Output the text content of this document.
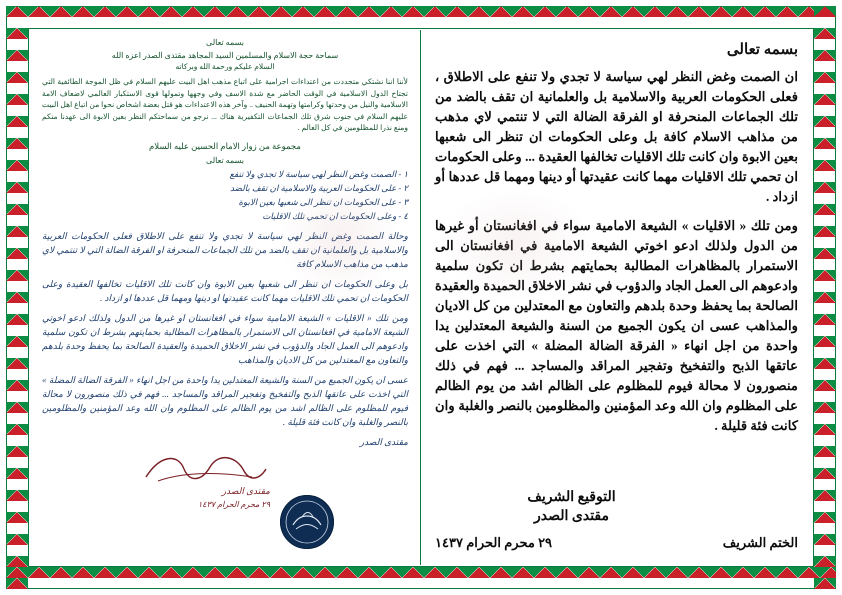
بسمه تعالى

ان الصمت وغض النظر لهي سياسة لا تجدي ولا تنفع على الاطلاق ، فعلى الحكومات العربية والاسلامية بل والعلمانية ان تقف بالضد من تلك الجماعات المنحرفة او الفرقة الضالة التي لا تنتمي لاي مذهب من مذاهب الاسلام كافة بل وعلى الحكومات ان تنظر الى شعبها بعين الابوة وان كانت تلك الاقليات تخالفها العقيدة ... وعلى الحكومات ان تحمي تلك الاقليات مهما كانت عقيدتها أو دينها ومهما قل عددها أو ازداد .

ومن تلك « الاقليات » الشيعة الامامية سواء في افغانستان أو غيرها من الدول ولذلك ادعو اخوتي الشيعة الامامية في افغانستان الى الاستمرار بالمظاهرات المطالبة بحمايتهم بشرط ان تكون سلمية وادعوهم الى العمل الجاد والدؤوب في نشر الاخلاق الحميدة والعقيدة الصالحة بما يحفظ وحدة بلدهم والتعاون مع المعتدلين من كل الاديان والمذاهب عسى ان يكون الجميع من السنة والشيعة المعتدلين يدا واحدة من اجل انهاء « الفرقة الضالة المضلة » التي اخذت على عاتقها الذبح والتفخيخ وتفجير المراقد والمساجد ... فهم في ذلك منصورون لا محالة فيوم للمظلوم على الظالم اشد من يوم الظالم على المظلوم وان الله وعد المؤمنين والمظلومين بالنصر والغلبة وان كانت فئة قليلة .

التوقيع الشريف
مقتدى الصدر
الختم الشريف
٢٩ محرم الحرام ١٤٣٧
بسمه تعالى
سماحة حجة الاسلام والمسلمين السيد المجاهد مقتدى الصدر اعزه الله
السلام عليكم ورحمة الله وبركاته

لأننا اننا نشتكي متجددت من اعتداءات اجرامية على اتباع مذهب اهل البيت عليهم السلام في ظل الموجة الطائفية التي تجتاح الدول الاسلامية في الوقت الحاضر مع شدة الاسف وفي وجهها وتمولها قوى الاستكبار العالمي لاضعاف الامة الاسلامية والنيل من وحدتها وكرامتها وتهمة الحنيف .. وآخر هذه الاعتداءات هو قتل بعضة اشخاص نحوا من اتباع اهل البيت عليهم السلام في جنوب شرق تلك الجماعات التكفيرية هناك ... نرجو من سماحتكم النظر بعين الابوة الى عهدنا منكم ومنع نذرا للمظلومين في كل العالم .

مجموعة من زوار الامام الحسين عليه السلام
بسمه تعالى
١ - الصمت وغض النظر لهي سياسة لا تجدي ولا تنفع
٢ - على الحكومات العربية والاسلامية ان تقف بالضد
٣ - على الحكومات ان تنظر الى شعبها بعين الابوة
٤ - وعلى الحكومات ان تحمي تلك الاقليات

وحالة الصمت وغض النظر لهي سياسة لا تجدي ولا تنفع على الاطلاق فعلى الحكومات العربية والاسلامية بل والعلمانية ان تقف بالضد من تلك الجماعات المنحرفة او الفرقة الضالة التي لا تنتمي لاي مذهب من مذاهب الاسلام كافة

بل وعلى الحكومات ان تنظر الى شعبها بعين الابوة وان كانت تلك الاقليات تخالفها العقيدة وعلى الحكومات ان تحمي تلك الاقليات مهما كانت عقيدتها او دينها ومهما قل عددها او ازداد .

ومن تلك « الاقليات » الشيعة الامامية سواء في افغانستان او غيرها من الدول ولذلك ادعو اخوتي الشيعة الامامية في افغانستان الى الاستمرار بالمظاهرات المطالبة بحمايتهم بشرط ان تكون سلمية وادعوهم الى العمل الجاد والدؤوب في نشر الاخلاق الحميدة والعقيدة الصالحة بما يحفظ وحدة بلدهم والتعاون مع المعتدلين من كل الاديان والمذاهب

عسى ان يكون الجميع من السنة والشيعة المعتدلين يدا واحدة من اجل انهاء « الفرقة الضالة المضلة » التي اخذت على عاتقها الذبح والتفخيخ وتفجير المراقد والمساجد ... فهم في ذلك منصورون لا محالة فيوم للمظلوم على الظالم اشد من يوم الظالم على المظلوم وان الله وعد المؤمنين والمظلومين بالنصر والغلبة وان كانت فئة قليلة .

مقتدى الصدر

مقتدى الصدر
٢٩ محرم الحرام ١٤٣٧
